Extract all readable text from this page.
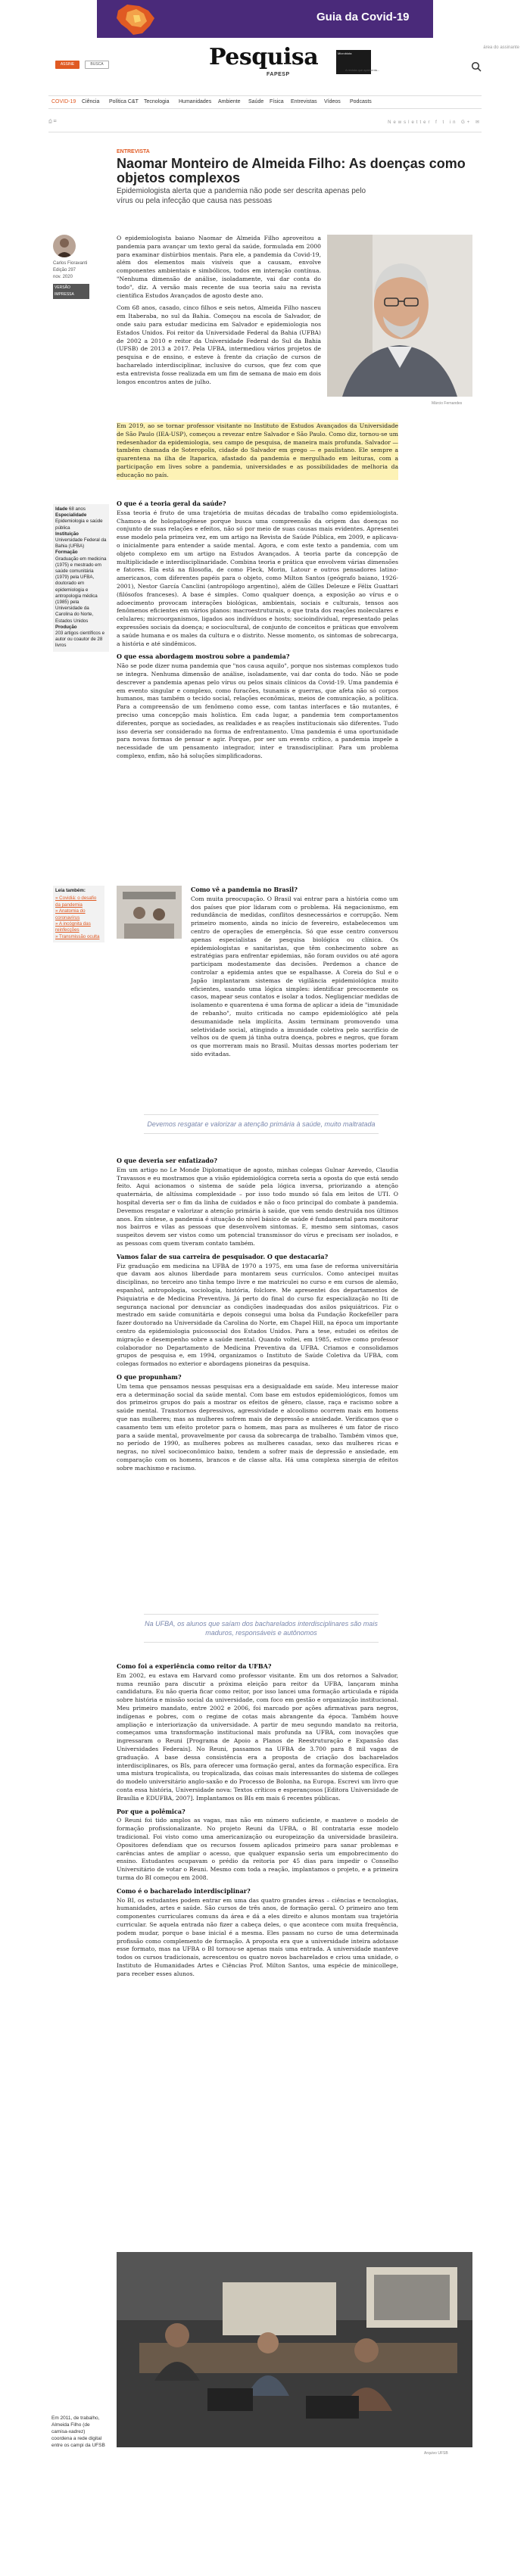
Guia da Covid-19
área do assinante
ASSINE	BUSCA	Pesquisa
FAPESP
Microbiota
A revista que apresenta...
COVID-19 Ciência Política C&T Tecnologia Humanidades Ambiente Saúde Física Entrevistas Vídeos Podcasts
⎙ ✉	Newsletter f t in G+ ✉
ENTREVISTA
Naomar Monteiro de Almeida Filho: As doenças como objetos complexos
Epidemiologista alerta que a pandemia não pode ser descrita apenas pelo vírus ou pela infecção que causa nas pessoas
Carlos Fioravanti
Edição 297
nov. 2020
VERSÃO IMPRESSA
Márcio Fernandes

O epidemiologista baiano Naomar de Almeida Filho aproveitou a pandemia para avançar um texto geral da saúde, formulada em 2000 para examinar distúrbios mentais. Para ele, a pandemia da Covid-19, além dos elementos mais visíveis que a causam, envolve componentes ambientais e simbólicos, todos em interação contínua. "Nenhuma dimensão de análise, isoladamente, vai dar conta do todo", diz. A versão mais recente de sua teoria saiu na revista científica Estudos Avançados de agosto deste ano.

Com 68 anos, casado, cinco filhos e seis netos, Almeida Filho nasceu em Itaberaba, no sul da Bahia. Começou na escola de Salvador, de onde saiu para estudar medicina em Salvador e epidemiologia nos Estados Unidos. Foi reitor da Universidade Federal da Bahia (UFBA) de 2002 a 2010 e reitor da Universidade Federal do Sul da Bahia (UFSB) de 2013 a 2017. Pela UFBA, intermediou vários projetos de pesquisa e de ensino, e esteve à frente da criação de cursos de bacharelado interdisciplinar, inclusive do cursos, que fez com que esta entrevista fosse realizada em um fim de semana de maio em dois longos encontros antes de julho.

Em 2019, ao se tornar professor visitante no Instituto de Estudos Avançados da Universidade de São Paulo (IEA-USP), começou a revezar entre Salvador e São Paulo. Como diz, tornou-se um redesenhador da epidemiologia, seu campo de pesquisa, de maneira mais profunda. Salvador — também chamada de Soteropolis, cidade do Salvador em grego — e paulistano. Ele sempre a quarentena na ilha de Itaparica, afastado da pandemia e mergulhado em leituras, com a participação em lives sobre a pandemia, universidades e as possibilidades de melhoria da educação no país.

Idade 68 anos
Especialidade
Epidemiologia e saúde pública
Instituição
Universidade Federal da Bahia (UFBA)
Formação
Graduação em medicina (1975) e mestrado em saúde comunitária (1979) pela UFBA, doutorado em epidemiologia e antropologia médica (1985) pela Universidade da Carolina do Norte, Estados Unidos
Produção
203 artigos científicos e autor ou coautor de 28 livros
O que é a teoria geral da saúde?

Essa teoria é fruto de uma trajetória de muitas décadas de trabalho como epidemiologista. Chamou-a de holopatogênese porque busca uma compreensão da origem das doenças no conjunto de suas relações e efeitos, não só por meio de suas causas mais evidentes. Apresentei esse modelo pela primeira vez, em um artigo na Revista de Saúde Pública, em 2009, e aplicava-o inicialmente para entender a saúde mental. Agora, e com este texto a pandemia, com um objeto complexo em um artigo na Estudos Avançados. A teoria parte da concepção de multiplicidade e interdisciplinaridade. Combina teoria e prática que envolvem várias dimensões e fatores. Ela está na filosofia, de como Fleck, Morin, Latour e outros pensadores latino-americanos, com diferentes papéis para o objeto, como Milton Santos (geógrafo baiano, 1926-2001), Nestor García Canclini (antropólogo argentino), além de Gilles Deleuze e Félix Guattari (filósofos franceses). A base é simples. Como qualquer doença, a exposição ao vírus e o adoecimento provocam interações biológicas, ambientais, sociais e culturais, tensos aos fenômenos eficientes em vários planos: macroestruturais, o que trata dos reações moleculares e celulares; microorganismos, ligados aos indivíduos e hosts; socioindividual, representado pelas expressões sociais da doença; e sociocultural, de conjunto de conceitos e práticas que envolvem a saúde humana e os males da cultura e o distrito. Nesse momento, os sintomas de sobrecarga, a história e até sindêmicos.

O que essa abordagem mostrou sobre a pandemia?

Não se pode dizer numa pandemia que "nos causa aquilo", porque nos sistemas complexos tudo se integra. Nenhuma dimensão de análise, isoladamente, vai dar conta do todo. Não se pode descrever a pandemia apenas pelo vírus ou pelos sinais clínicos da Covid-19. Uma pandemia é em evento singular e complexo, como furacões, tsunamis e guerras, que afeta não só corpos humanos, mas também o tecido social, relações econômicas, meios de comunicação, a política. Para a compreensão de um fenômeno como esse, com tantas interfaces e tão mutantes, é preciso uma concepção mais holística. Em cada lugar, a pandemia tem comportamentos diferentes, porque as sociedades, as realidades e as reações institucionais são diferentes. Tudo isso deveria ser considerado na forma de enfrentamento. Uma pandemia é uma oportunidade para novas formas de pensar e agir. Porque, por ser um evento crítico, a pandemia impele a necessidade de um pensamento integrador, inter e transdisciplinar. Para um problema complexo, enfim, não há soluções simplificadoras.

Leia também:
» Covidiá: o desafio da pandemia
» Anatomia do coronavírus
» A incógnita das reinfecções
» Transmissão oculta
Como vê a pandemia no Brasil?

Com muita preocupação. O Brasil vai entrar para a história como um dos países que pior lidaram com o problema. Há negacionismo, em redundância de medidas, conflitos desnecessários e corrupção. Nem primeiro momento, ainda no início de fevereiro, estabelecemos um centro de operações de emergência. Só que esse centro conversou apenas especialistas de pesquisa biológica ou clínica. Os epidemiologistas e sanitaristas, que têm conhecimento sobre as estratégias para enfrentar epidemias, não foram ouvidos ou até agora participam modestamente das decisões. Perdemos a chance de controlar a epidemia antes que se espalhasse. A Coreia do Sul e o Japão implantaram sistemas de vigilância epidemiológica muito eficientes, usando uma lógica simples: identificar precocemente os casos, mapear seus contatos e isolar a todos. Negligenciar medidas de isolamento e quarentena é uma forma de aplicar a ideia de "imunidade de rebanho", muito criticada no campo epidemiológico até pela desumanidade nela implícita. Assim terminam promovendo uma seletividade social, atingindo a imunidade coletiva pelo sacrifício de velhos ou de quem já tinha outra doença, pobres e negros, que foram os que morreram mais no Brasil. Muitas dessas mortes poderiam ter sido evitadas.

Devemos resgatar e valorizar a atenção primária à saúde, muito maltratada
O que deveria ser enfatizado?

Em um artigo no Le Monde Diplomatique de agosto, minhas colegas Gulnar Azevedo, Claudia Travassos e eu mostramos que a visão epidemiológica correta seria a oposta do que está sendo feito. Aqui acionamos o sistema de saúde pela lógica inversa, priorizando a atenção quaternária, de altíssima complexidade – por isso todo mundo só fala em leitos de UTI. O hospital deveria ser o fim da linha de cuidados e não o foco principal do combate à pandemia. Devemos resgatar e valorizar a atenção primária à saúde, que vem sendo destruída nos últimos anos. Em síntese, a pandemia é situação do nível básico de saúde é fundamental para monitorar nos bairros e vilas as pessoas que desenvolvem sintomas. E, mesmo sem sintomas, casos suspeitos devem ser vistos como um potencial transmissor do vírus e precisam ser isolados, e as pessoas com quem tiveram contato também.

Vamos falar de sua carreira de pesquisador. O que destacaria?

Fiz graduação em medicina na UFBA de 1970 a 1975, em uma fase de reforma universitária que davam aos alunos liberdade para montarem seus currículos. Como antecipei muitas disciplinas, no terceiro ano tinha tempo livre e me matriculei no curso e em cursos de alemão, espanhol, antropologia, sociologia, história, folclore. Me apresentei dos departamentos de Psiquiatria e de Medicina Preventiva. Já perto do final do curso fiz especialização no Iti de segurança nacional por denunciar as condições inadequadas dos asilos psiquiátricos. Fiz o mestrado em saúde comunitária e depois consegui uma bolsa da Fundação Rockefeller para fazer doutorado na Universidade da Carolina do Norte, em Chapel Hill, na época um importante centro da epidemiologia psicossocial dos Estados Unidos. Para a tese, estudei os efeitos de migração e desempenho sobre a saúde mental. Quando voltei, em 1985, estive como professor colaborador no Departamento de Medicina Preventiva da UFBA. Criamos e consolidamos grupos de pesquisa e, em 1994, organizamos o Instituto de Saúde Coletiva da UFBA, com colegas formados no exterior e abordagens pioneiras da pesquisa.

O que propunham?

Um tema que pensamos nessas pesquisas era a desigualdade em saúde. Meu interesse maior era a determinação social da saúde mental. Com base em estudos epidemiológicos, fomos um dos primeiros grupos do país a mostrar os efeitos de gênero, classe, raça e racismo sobre a saúde mental. Transtornos depressivos, agressividade e alcoolismo ocorrem mais em homens que nas mulheres; mas as mulheres sofrem mais de depressão e ansiedade. Verificamos que o casamento tem um efeito protetor para o homem, mas para as mulheres é um fator de risco para a saúde mental, provavelmente por causa da sobrecarga de trabalho. Também vimos que, no período de 1990, as mulheres pobres as mulheres casadas, sexo das mulheres ricas e negras, no nível socioeconômico baixo, tendem a sofrer mais de depressão e ansiedade, em comparação com os homens, brancos e de classe alta. Há uma complexa sinergia de efeitos sobre machismo e racismo.

Na UFBA, os alunos que saíam dos bacharelados interdisciplinares são mais maduros, responsáveis e autônomos
Como foi a experiência como reitor da UFBA?

Em 2002, eu estava em Harvard como professor visitante. Em um dos retornos a Salvador, numa reunião para discutir a próxima eleição para reitor da UFBA, lançaram minha candidatura. Eu não queria ficar como reitor, por isso lancei uma formação articulada e rápida sobre história e missão social da universidade, com foco em gestão e organização institucional. Meu primeiro mandato, entre 2002 e 2006, foi marcado por ações afirmativas para negros, indígenas e pobres, com o regime de cotas mais abrangente da época. Também houve ampliação e interiorização da universidade. A partir de meu segundo mandato na reitoria, começamos uma transformação institucional mais profunda na UFBA, com inovações que ingressaram o Reuni [Programa de Apoio a Planos de Reestruturação e Expansão das Universidades Federais]. No Reuni, passamos na UFBA de 3.700 para 8 mil vagas de graduação. A base dessa consistência era a proposta de criação dos bacharelados interdisciplinares, os BIs, para oferecer uma formação geral, antes da formação específica. Era uma mistura tropicalista, ou tropicalizada, das coisas mais interessantes do sistema de colleges do modelo universitário anglo-saxão e do Processo de Bolonha, na Europa. Escrevi um livro que conta essa história, Universidade nova: Textos críticos e esperançosos [Editora Universidade de Brasília e EDUFBA, 2007]. Implantamos os BIs em mais 6 recentes públicas.

Por que a polêmica?

O Reuni foi tido amplos as vagas, mas não em número suficiente, e manteve o modelo de formação profissionalizante. No projeto Reuni da UFBA, o BI contrataria esse modelo tradicional. Foi visto como uma americanização ou europeização da universidade brasileira. Opositores defendiam que os recursos fossem aplicados primeiro para sanar problemas e carências antes de ampliar o acesso, que qualquer expansão seria um empobrecimento do ensino. Estudantes ocupavam o prédio da reitoria por 45 dias para impedir o Conselho Universitário de votar o Reuni. Mesmo com toda a reação, implantamos o projeto, e a primeira turma do BI começou em 2008.

Como é o bacharelado interdisciplinar?

No BI, os estudantes podem entrar em uma das quatro grandes áreas – ciências e tecnologias, humanidades, artes e saúde. São cursos de três anos, de formação geral. O primeiro ano tem componentes curriculares comuns da área e dá a eles direito e alunos montam sua trajetória curricular. Se aquela entrada não fizer a cabeça deles, o que acontece com muita frequência, podem mudar, porque o base inicial é a mesma. Eles passam no curso de uma determinada profissão como complemento de formação. A proposta era que a universidade inteira adotasse esse formato, mas na UFBA o BI tornou-se apenas mais uma entrada. A universidade manteve todos os cursos tradicionais, acrescentou os quatro novos bacharelados e criou uma unidade, o Instituto de Humanidades Artes e Ciências Prof. Milton Santos, uma espécie de minicollege, para receber esses alunos.

Em 2011, de trabalho, Almeida Filho (de camisa-xadrez) coordena a rede digital entre os campi da UFSB
Arquivo UFSB
